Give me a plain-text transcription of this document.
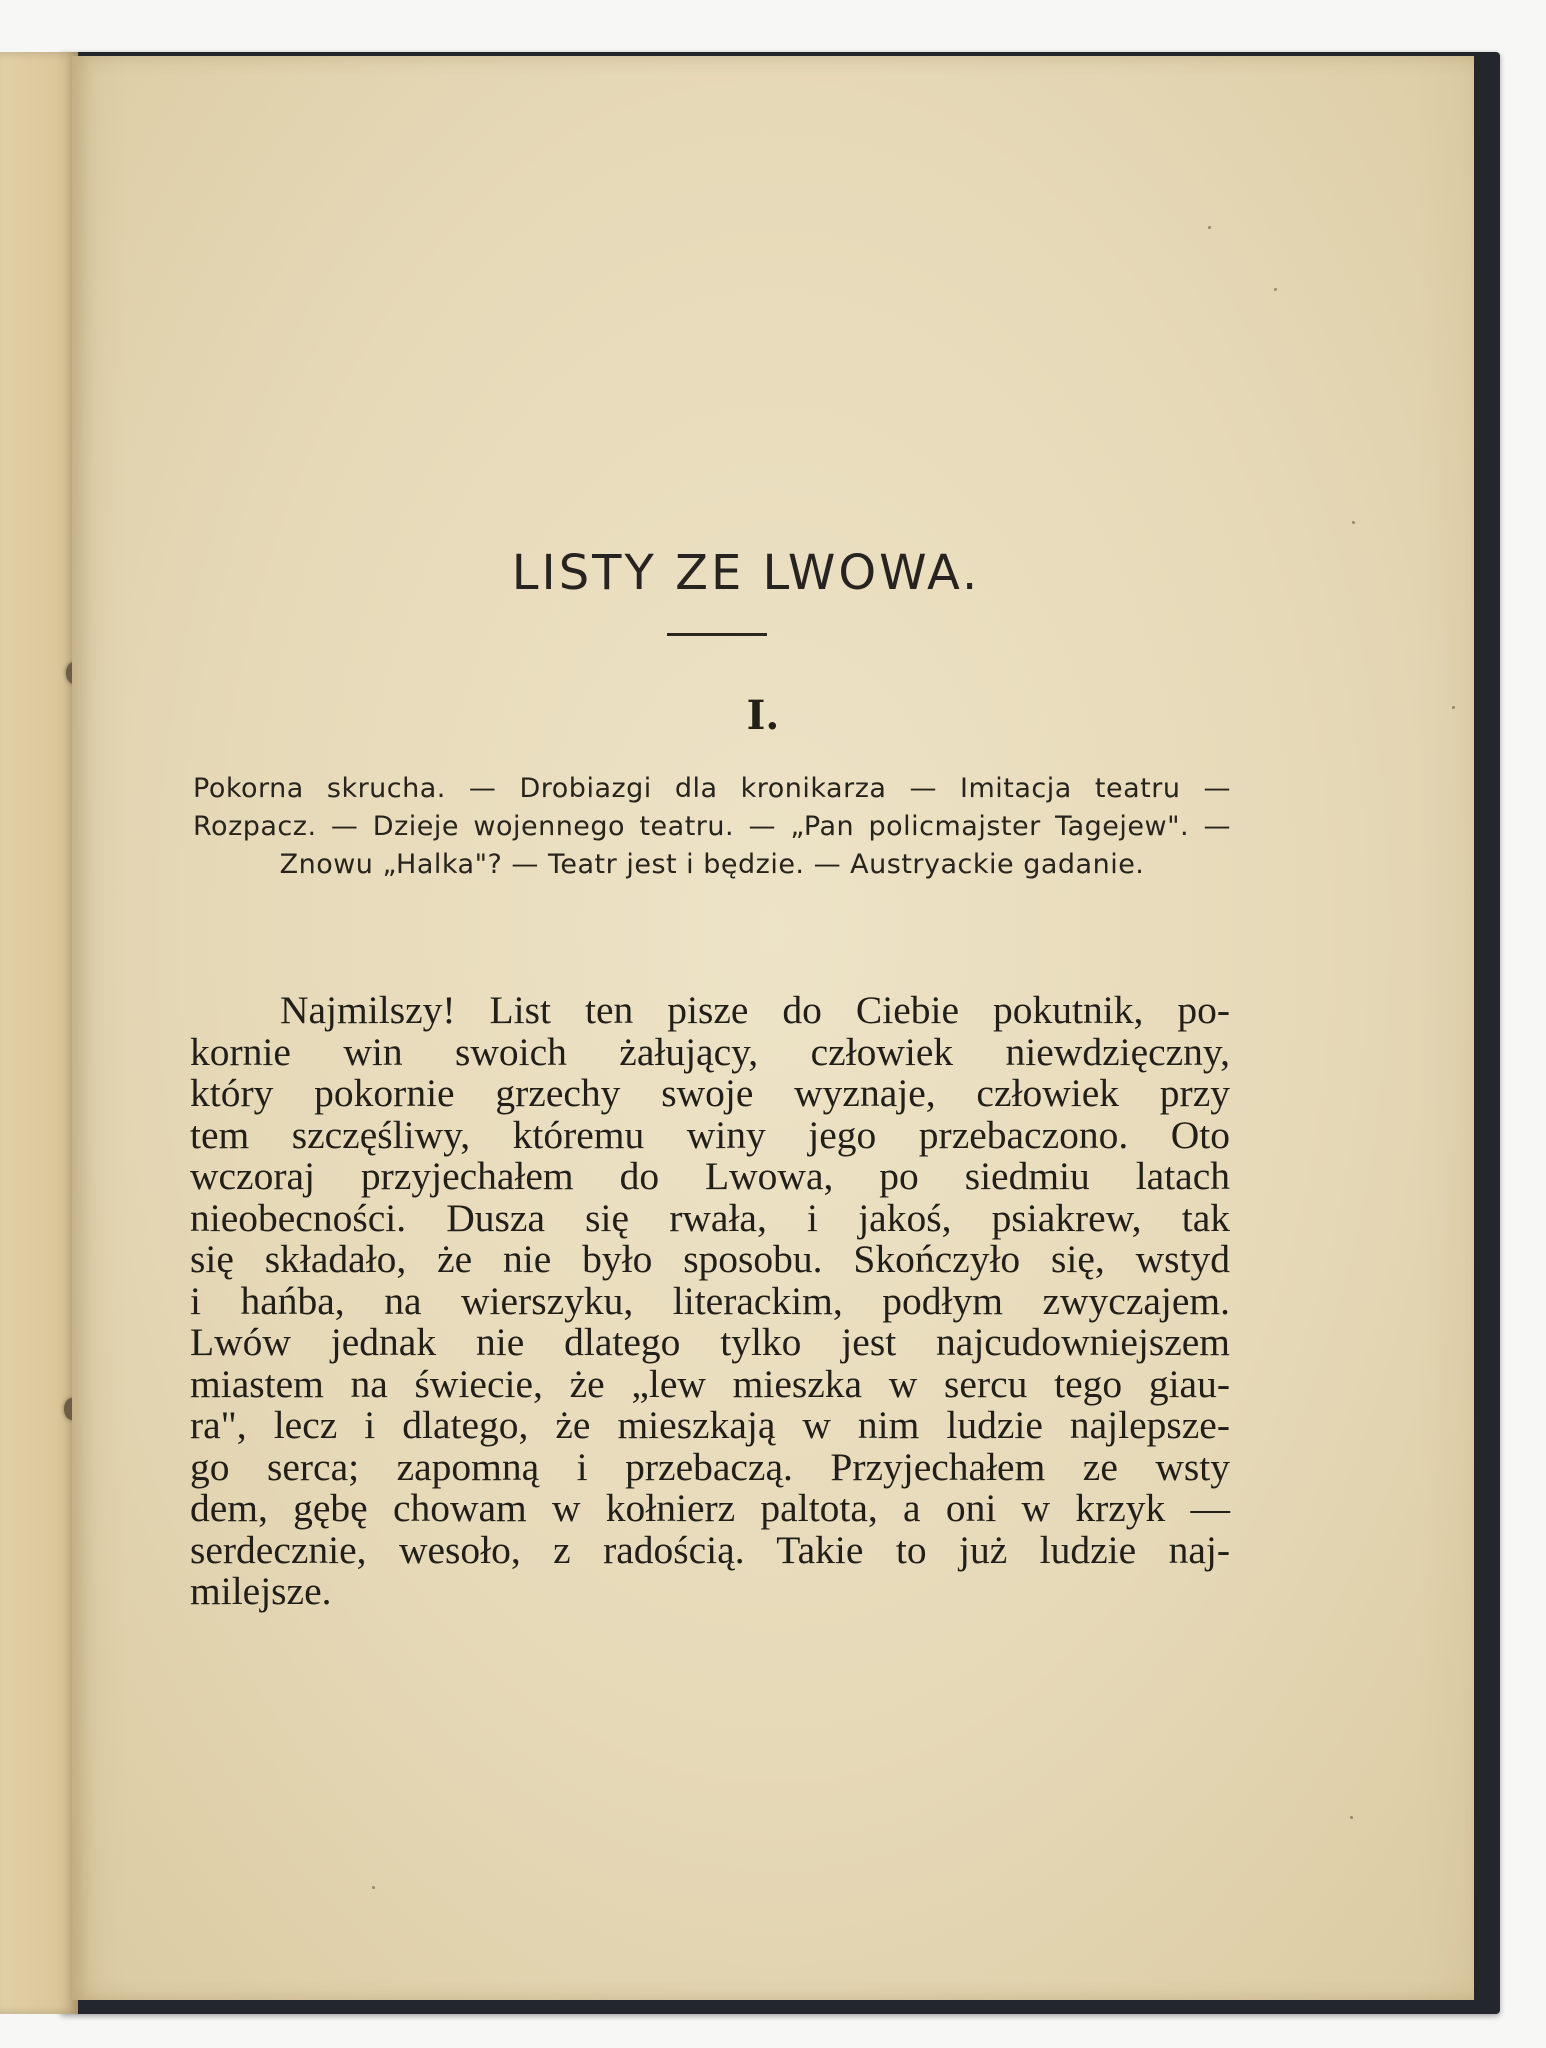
LISTY ZE LWOWA.
I.

Pokorna skrucha. — Drobiazgi dla kronikarza — Imitacja teatru — Rozpacz. — Dzieje wojennego teatru. — „Pan policmajster Tagejew". — Znowu „Halka"? — Teatr jest i będzie. — Austryackie gadanie.

Najmilszy! List ten pisze do Ciebie pokutnik, po-
kornie win swoich żałujący, człowiek niewdzięczny,
który pokornie grzechy swoje wyznaje, człowiek przy
tem szczęśliwy, któremu winy jego przebaczono. Oto
wczoraj przyjechałem do Lwowa, po siedmiu latach
nieobecności. Dusza się rwała, i jakoś, psiakrew, tak
się składało, że nie było sposobu. Skończyło się, wstyd
i hańba, na wierszyku, literackim, podłym zwyczajem.
Lwów jednak nie dlatego tylko jest najcudowniejszem
miastem na świecie, że „lew mieszka w sercu tego giau-
ra", lecz i dlatego, że mieszkają w nim ludzie najlepsze-
go serca; zapomną i przebaczą. Przyjechałem ze wsty
dem, gębę chowam w kołnierz paltota, a oni w krzyk —
serdecznie, wesoło, z radością. Takie to już ludzie naj-
milejsze.
